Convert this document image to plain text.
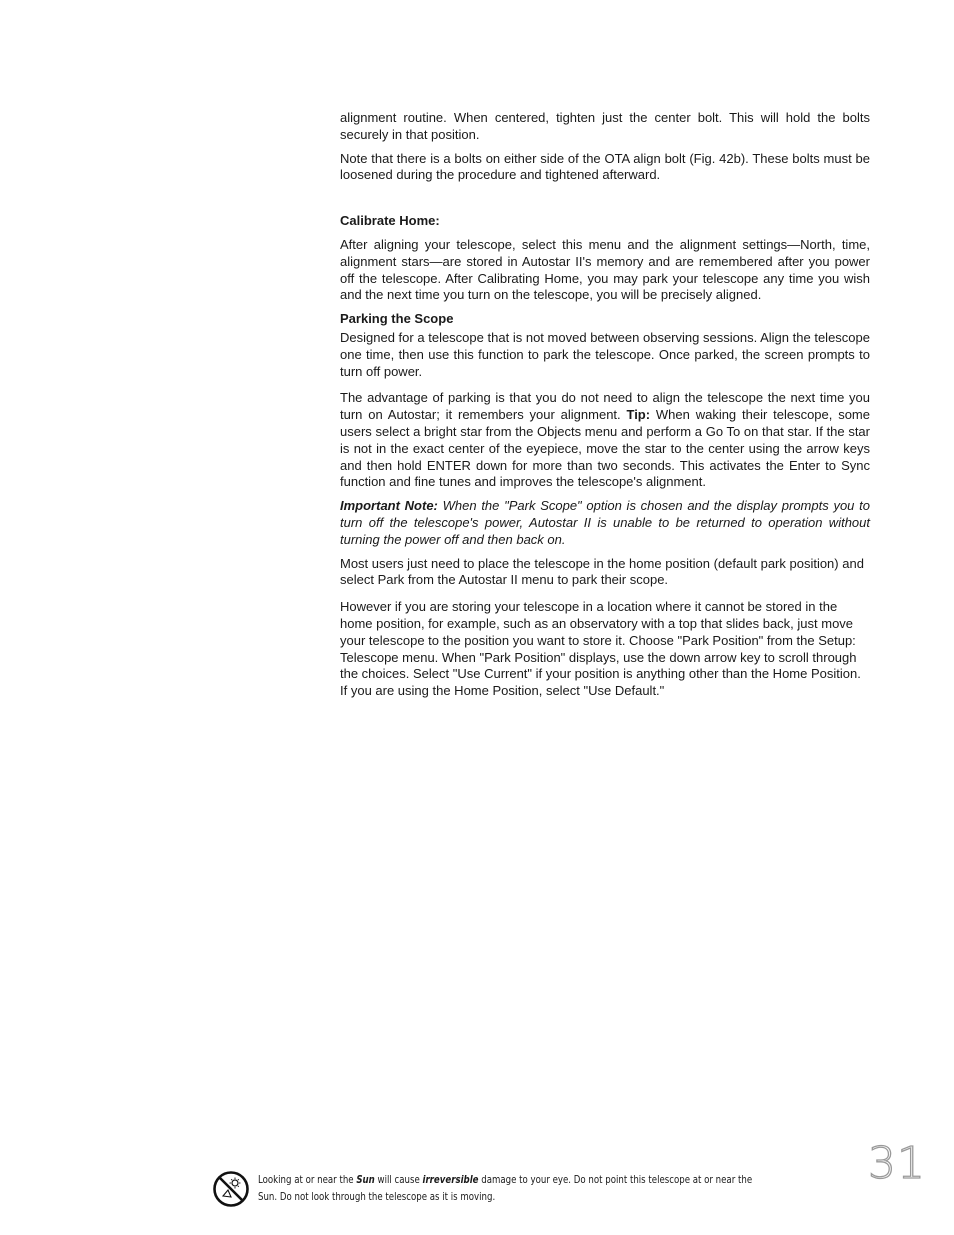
alignment routine. When centered, tighten just the center bolt. This will hold the bolts securely in that position.

Note that there is a bolts on either side of the OTA align bolt (Fig. 42b). These bolts must be loosened during the procedure and tightened afterward.

Calibrate Home:

After aligning your telescope, select this menu and the alignment settings—North, time, alignment stars—are stored in Autostar II's memory and are remembered after you power off the telescope. After Calibrating Home, you may park your telescope any time you wish and the next time you turn on the telescope, you will be precisely aligned.

Parking the Scope

Designed for a telescope that is not moved between observing sessions. Align the telescope one time, then use this function to park the telescope. Once parked, the screen prompts to turn off power.

The advantage of parking is that you do not need to align the telescope the next time you turn on Autostar; it remembers your alignment. Tip: When waking their telescope, some users select a bright star from the Objects menu and perform a Go To on that star. If the star is not in the exact center of the eyepiece, move the star to the center using the arrow keys and then hold ENTER down for more than two seconds. This activates the Enter to Sync function and fine tunes and improves the telescope's alignment.

Important Note: When the "Park Scope" option is chosen and the display prompts you to turn off the telescope's power, Autostar II is unable to be returned to operation without turning the power off and then back on.

Most users just need to place the telescope in the home position (default park position) and select Park from the Autostar II menu to park their scope.

However if you are storing your telescope in a location where it cannot be stored in the home position, for example, such as an observatory with a top that slides back, just move your telescope to the position you want to store it. Choose "Park Position" from the Setup: Telescope menu. When "Park Position" displays, use the down arrow key to scroll through the choices. Select "Use Current" if your position is anything other than the Home Position. If you are using the Home Position, select "Use Default."

Looking at or near the Sun will cause irreversible damage to your eye. Do not point this telescope at or near the
Sun. Do not look through the telescope as it is moving.
31
